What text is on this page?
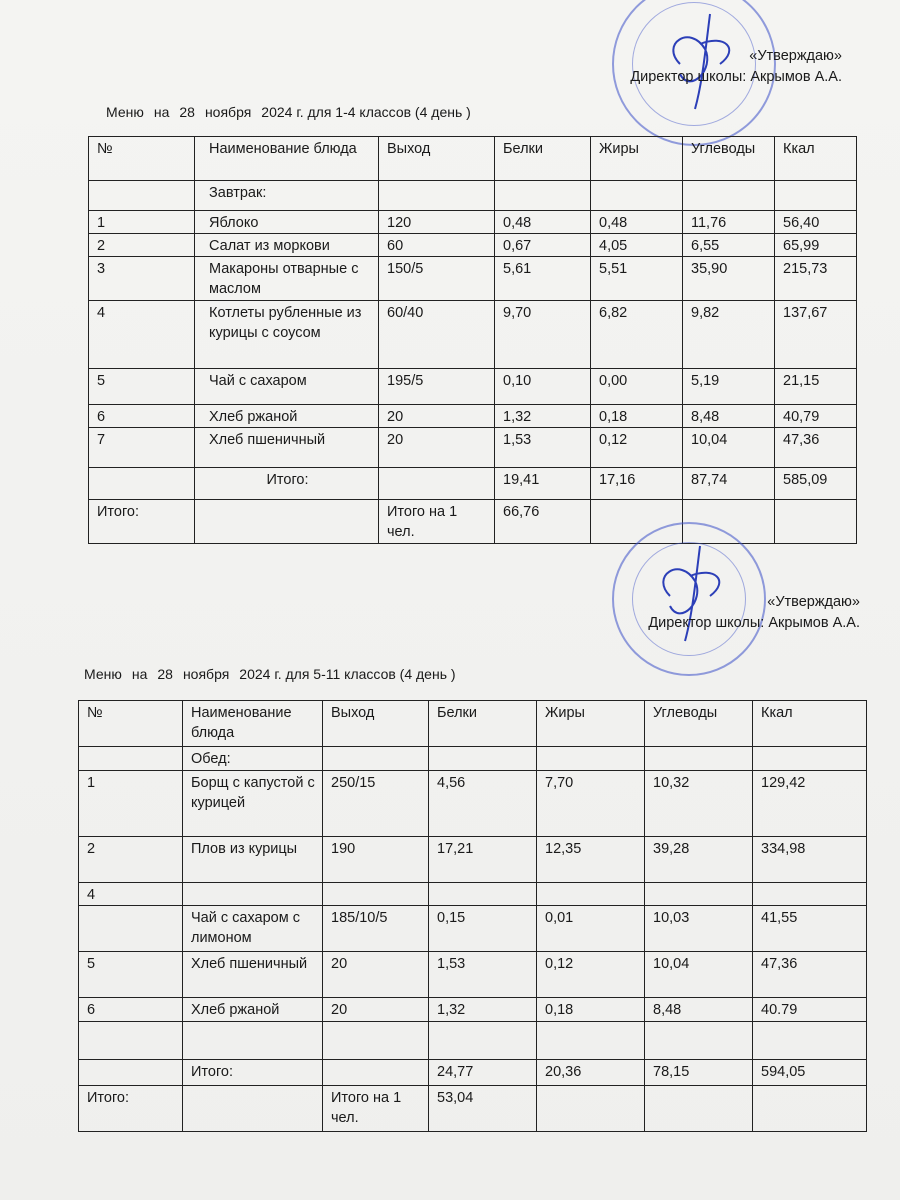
«Утверждаю»
Директор школы: Акрымов А.А.
Меню на 28 ноября 2024 г. для 1-4 классов (4 день )
№	Наименование блюда	Выход	Белки	Жиры	Углеводы	Ккал
	Завтрак:					
1	Яблоко	120	0,48	0,48	11,76	56,40
2	Салат из моркови	60	0,67	4,05	6,55	65,99
3	Макароны отварные с маслом	150/5	5,61	5,51	35,90	215,73
4	Котлеты рубленные из курицы с соусом	60/40	9,70	6,82	9,82	137,67
5	Чай с сахаром	195/5	0,10	0,00	5,19	21,15
6	Хлеб ржаной	20	1,32	0,18	8,48	40,79
7	Хлеб пшеничный	20	1,53	0,12	10,04	47,36
	Итого:		19,41	17,16	87,74	585,09
Итого:		Итого на 1 чел.	66,76			
«Утверждаю»
Директор школы: Акрымов А.А.
Меню на 28 ноября 2024 г. для 5-11 классов (4 день )
№	Наименование блюда	Выход	Белки	Жиры	Углеводы	Ккал
	Обед:					
1	Борщ с капустой с курицей	250/15	4,56	7,70	10,32	129,42
2	Плов из курицы	190	17,21	12,35	39,28	334,98
4						
	Чай с сахаром с лимоном	185/10/5	0,15	0,01	10,03	41,55
5	Хлеб пшеничный	20	1,53	0,12	10,04	47,36
6	Хлеб ржаной	20	1,32	0,18	8,48	40.79

	Итого:		24,77	20,36	78,15	594,05
Итого:		Итого на 1 чел.	53,04			
